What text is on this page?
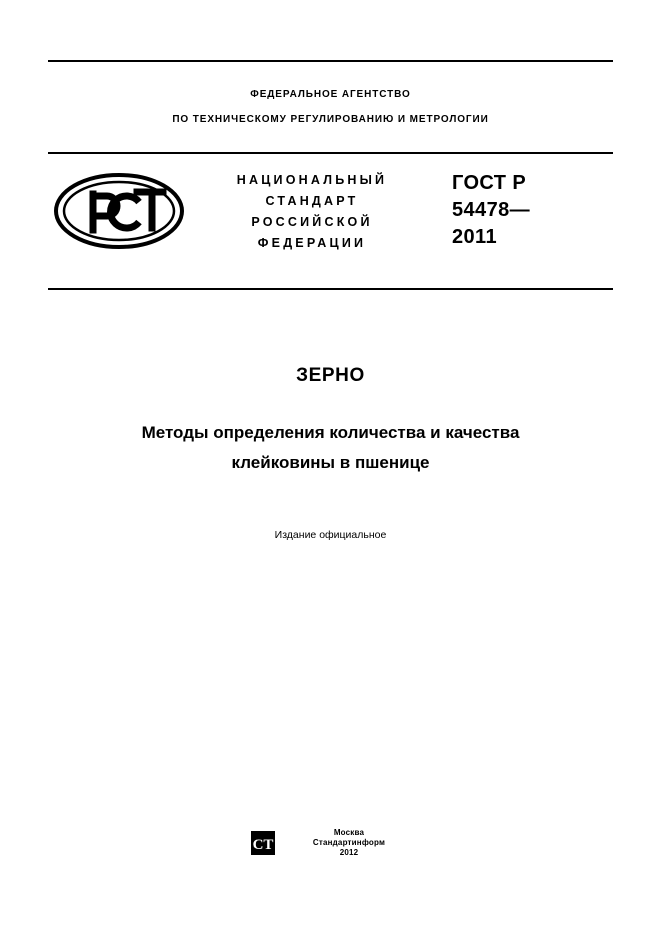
ФЕДЕРАЛЬНОЕ АГЕНТСТВО
ПО ТЕХНИЧЕСКОМУ РЕГУЛИРОВАНИЮ И МЕТРОЛОГИИ
НАЦИОНАЛЬНЫЙ
СТАНДАРТ
РОССИЙСКОЙ
ФЕДЕРАЦИИ
ГОСТ Р
54478—
2011
ЗЕРНО
Методы определения количества и качества
клейковины в пшенице
Издание официальное
СТ
Москва
Стандартинформ
2012
